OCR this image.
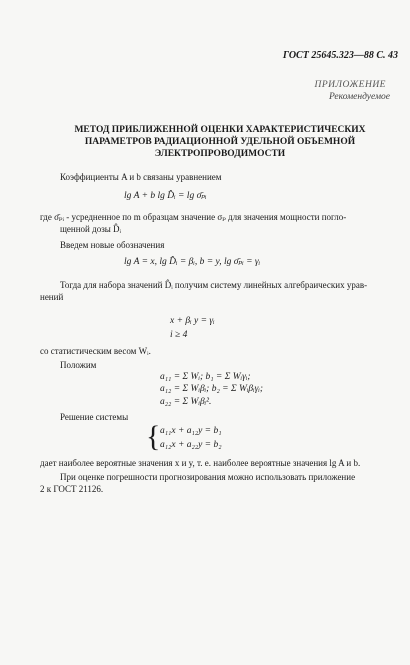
ГОСТ 25645.323—88 С. 43
ПРИЛОЖЕНИЕ
Рекомендуемое
МЕТОД ПРИБЛИЖЕННОЙ ОЦЕНКИ ХАРАКТЕРИСТИЧЕСКИХ
ПАРАМЕТРОВ РАДИАЦИОННОЙ УДЕЛЬНОЙ ОБЪЕМНОЙ
ЭЛЕКТРОПРОВОДИМОСТИ
Коэффициенты A и b связаны уравнением
lg A + b lg D̂ᵢ = lg σ̄ₚᵢ
где σ̄ₚᵢ - усредненное по m образцам значение σₚ для значения мощности погло-
щенной дозы D̂ᵢ
Введем новые обозначения
lg A = x, lg D̂ᵢ = βᵢ, b = y, lg σ̄ₚᵢ = γᵢ
Тогда для набора значений D̂ᵢ получим систему линейных алгебраических урав-
нений
x + βᵢ y = γᵢ
i ≥ 4
со статистическим весом Wᵢ.
Положим
a₁₁ = Σ Wᵢ; b₁ = Σ Wᵢγᵢ;
a₁₂ = Σ Wᵢβᵢ; b₂ = Σ Wᵢβᵢγᵢ;
a₂₂ = Σ Wᵢβᵢ².
Решение системы
{ a₁₁x + a₁₂y = b₁
a₁₂x + a₂₂y = b₂
дает наиболее вероятные значения x и y, т. е. наиболее вероятные значения lg A и b.
При оценке погрешности прогнозирования можно использовать приложение
2 к ГОСТ 21126.
